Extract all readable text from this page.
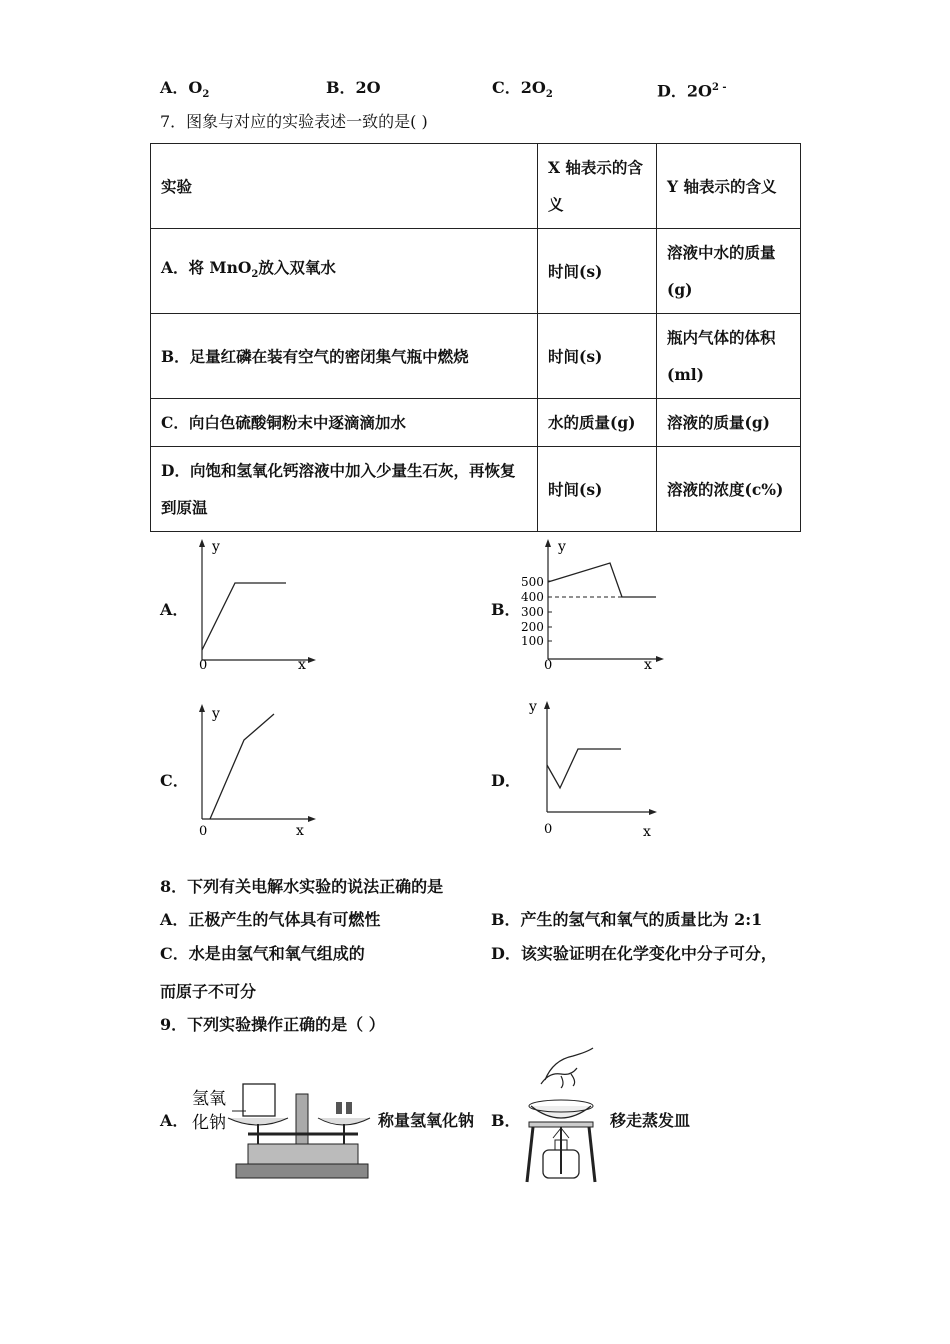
A．$O_2$	B．2O	C．$2O_2$	D．$2O^{2 -}$
7．图象与对应的实验表述一致的是( )
实验	X 轴表示的含义	Y 轴表示的含义
A．将 MnO$_2$放入双氧水	时间(s)	溶液中水的质量(g)
B．足量红磷在装有空气的密闭集气瓶中燃烧	时间(s)	瓶内气体的体积(ml)
C．向白色硫酸铜粉末中逐滴滴加水	水的质量(g)	溶液的质量(g)
D．向饱和氢氧化钙溶液中加入少量生石灰，再恢复到原温	时间(s)	溶液的浓度(c%)
A．	B．
C．	D．
y
x
0
500
400
300
200
100
y
x
0
y
x
0
y
x
0
8．下列有关电解水实验的说法正确的是
A．正极产生的气体具有可燃性	B．产生的氢气和氧气的质量比为 2:1
C．水是由氢气和氧气组成的	D．该实验证明在化学变化中分子可分，
而原子不可分
9．下列实验操作正确的是（ ）
A．
氢氧
化钠	称量氢氧化钠 B．	移走蒸发皿
